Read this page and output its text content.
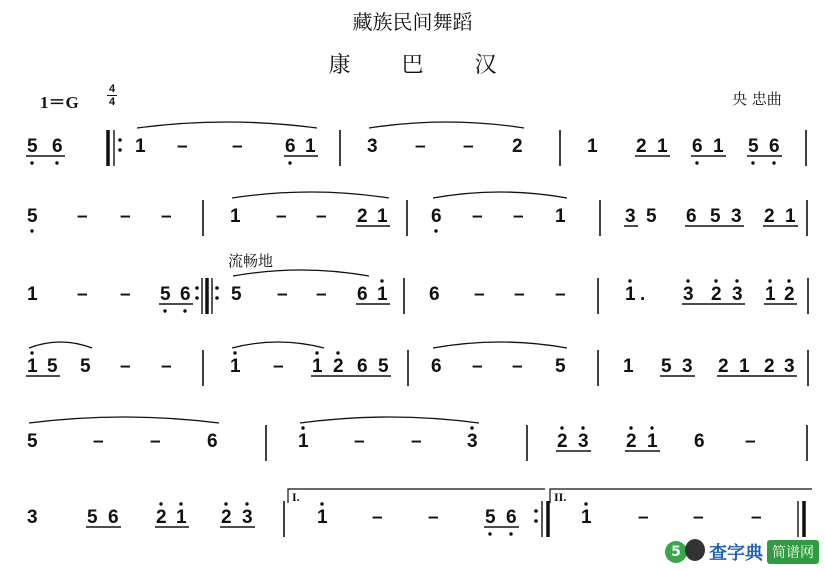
藏族民间舞蹈
康 巴 汉
1＝G
4
4	央 忠曲
流畅地
5 6	1 – – 6 1	3 – – 2	1 2 1 6 1 5 6
5 – – –	1 – – 2 1 6 – – 1	3 5 6 5 3 2 1
1 – – 5 6 5 – – 6 1 6 – – –	1 . 3 2 3 1 2
1 5 5 – –	1 – 1 2 6 5 6 – – 5	1 5 3 2 1 2 3
5	– – 6	1 – – 3	2 3 2 1 6 –
3	5 6 2 1 2 3	1 – – 5 6	1 – – –
I.	II.
5	查字典 简谱网
